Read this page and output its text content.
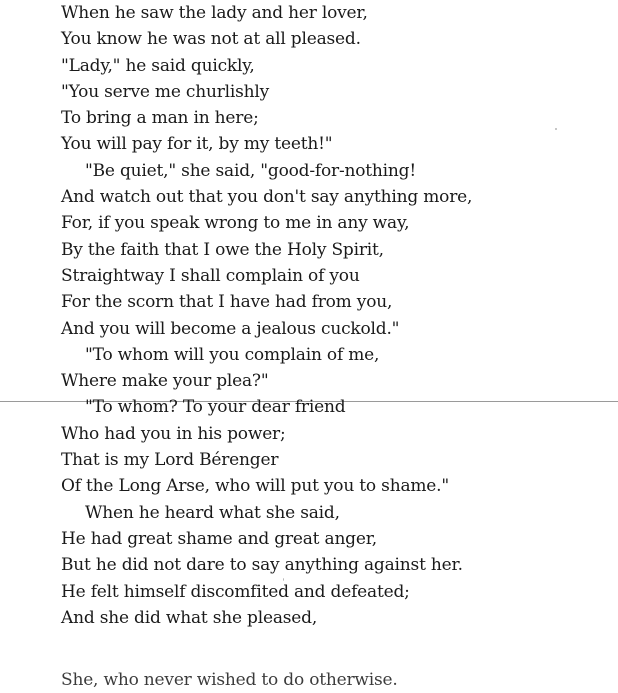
When he saw the lady and her lover,
You know he was not at all pleased.
"Lady," he said quickly,
"You serve me churlishly
To bring a man in here;
You will pay for it, by my teeth!"
"Be quiet," she said, "good-for-nothing!
And watch out that you don't say anything more,
For, if you speak wrong to me in any way,
By the faith that I owe the Holy Spirit,
Straightway I shall complain of you
For the scorn that I have had from you,
And you will become a jealous cuckold."
"To whom will you complain of me,
Where make your plea?"
"To whom? To your dear friend
Who had you in his power;
That is my Lord Bérenger
Of the Long Arse, who will put you to shame."
When he heard what she said,
He had great shame and great anger,
But he did not dare to say anything against her.
He felt himself discomfited and defeated;
And she did what she pleased,
She, who never wished to do otherwise.
